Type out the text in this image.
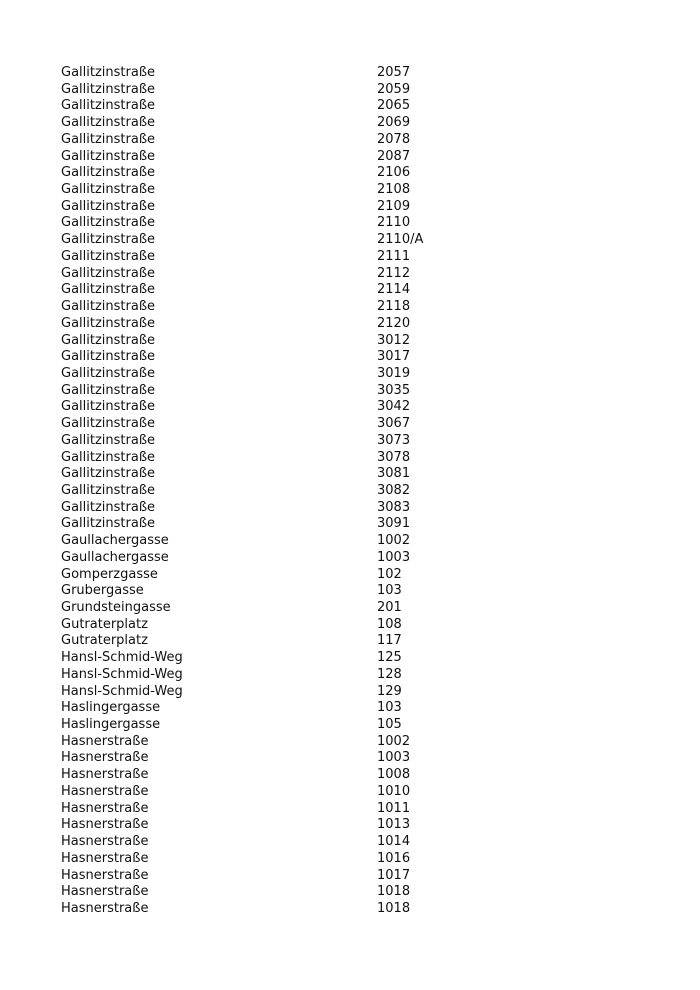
Gallitzinstraße	2057
Gallitzinstraße	2059
Gallitzinstraße	2065
Gallitzinstraße	2069
Gallitzinstraße	2078
Gallitzinstraße	2087
Gallitzinstraße	2106
Gallitzinstraße	2108
Gallitzinstraße	2109
Gallitzinstraße	2110
Gallitzinstraße	2110/A
Gallitzinstraße	2111
Gallitzinstraße	2112
Gallitzinstraße	2114
Gallitzinstraße	2118
Gallitzinstraße	2120
Gallitzinstraße	3012
Gallitzinstraße	3017
Gallitzinstraße	3019
Gallitzinstraße	3035
Gallitzinstraße	3042
Gallitzinstraße	3067
Gallitzinstraße	3073
Gallitzinstraße	3078
Gallitzinstraße	3081
Gallitzinstraße	3082
Gallitzinstraße	3083
Gallitzinstraße	3091
Gaullachergasse	1002
Gaullachergasse	1003
Gomperzgasse	102
Grubergasse	103
Grundsteingasse	201
Gutraterplatz	108
Gutraterplatz	117
Hansl-Schmid-Weg	125
Hansl-Schmid-Weg	128
Hansl-Schmid-Weg	129
Haslingergasse	103
Haslingergasse	105
Hasnerstraße	1002
Hasnerstraße	1003
Hasnerstraße	1008
Hasnerstraße	1010
Hasnerstraße	1011
Hasnerstraße	1013
Hasnerstraße	1014
Hasnerstraße	1016
Hasnerstraße	1017
Hasnerstraße	1018
Hasnerstraße	1018
